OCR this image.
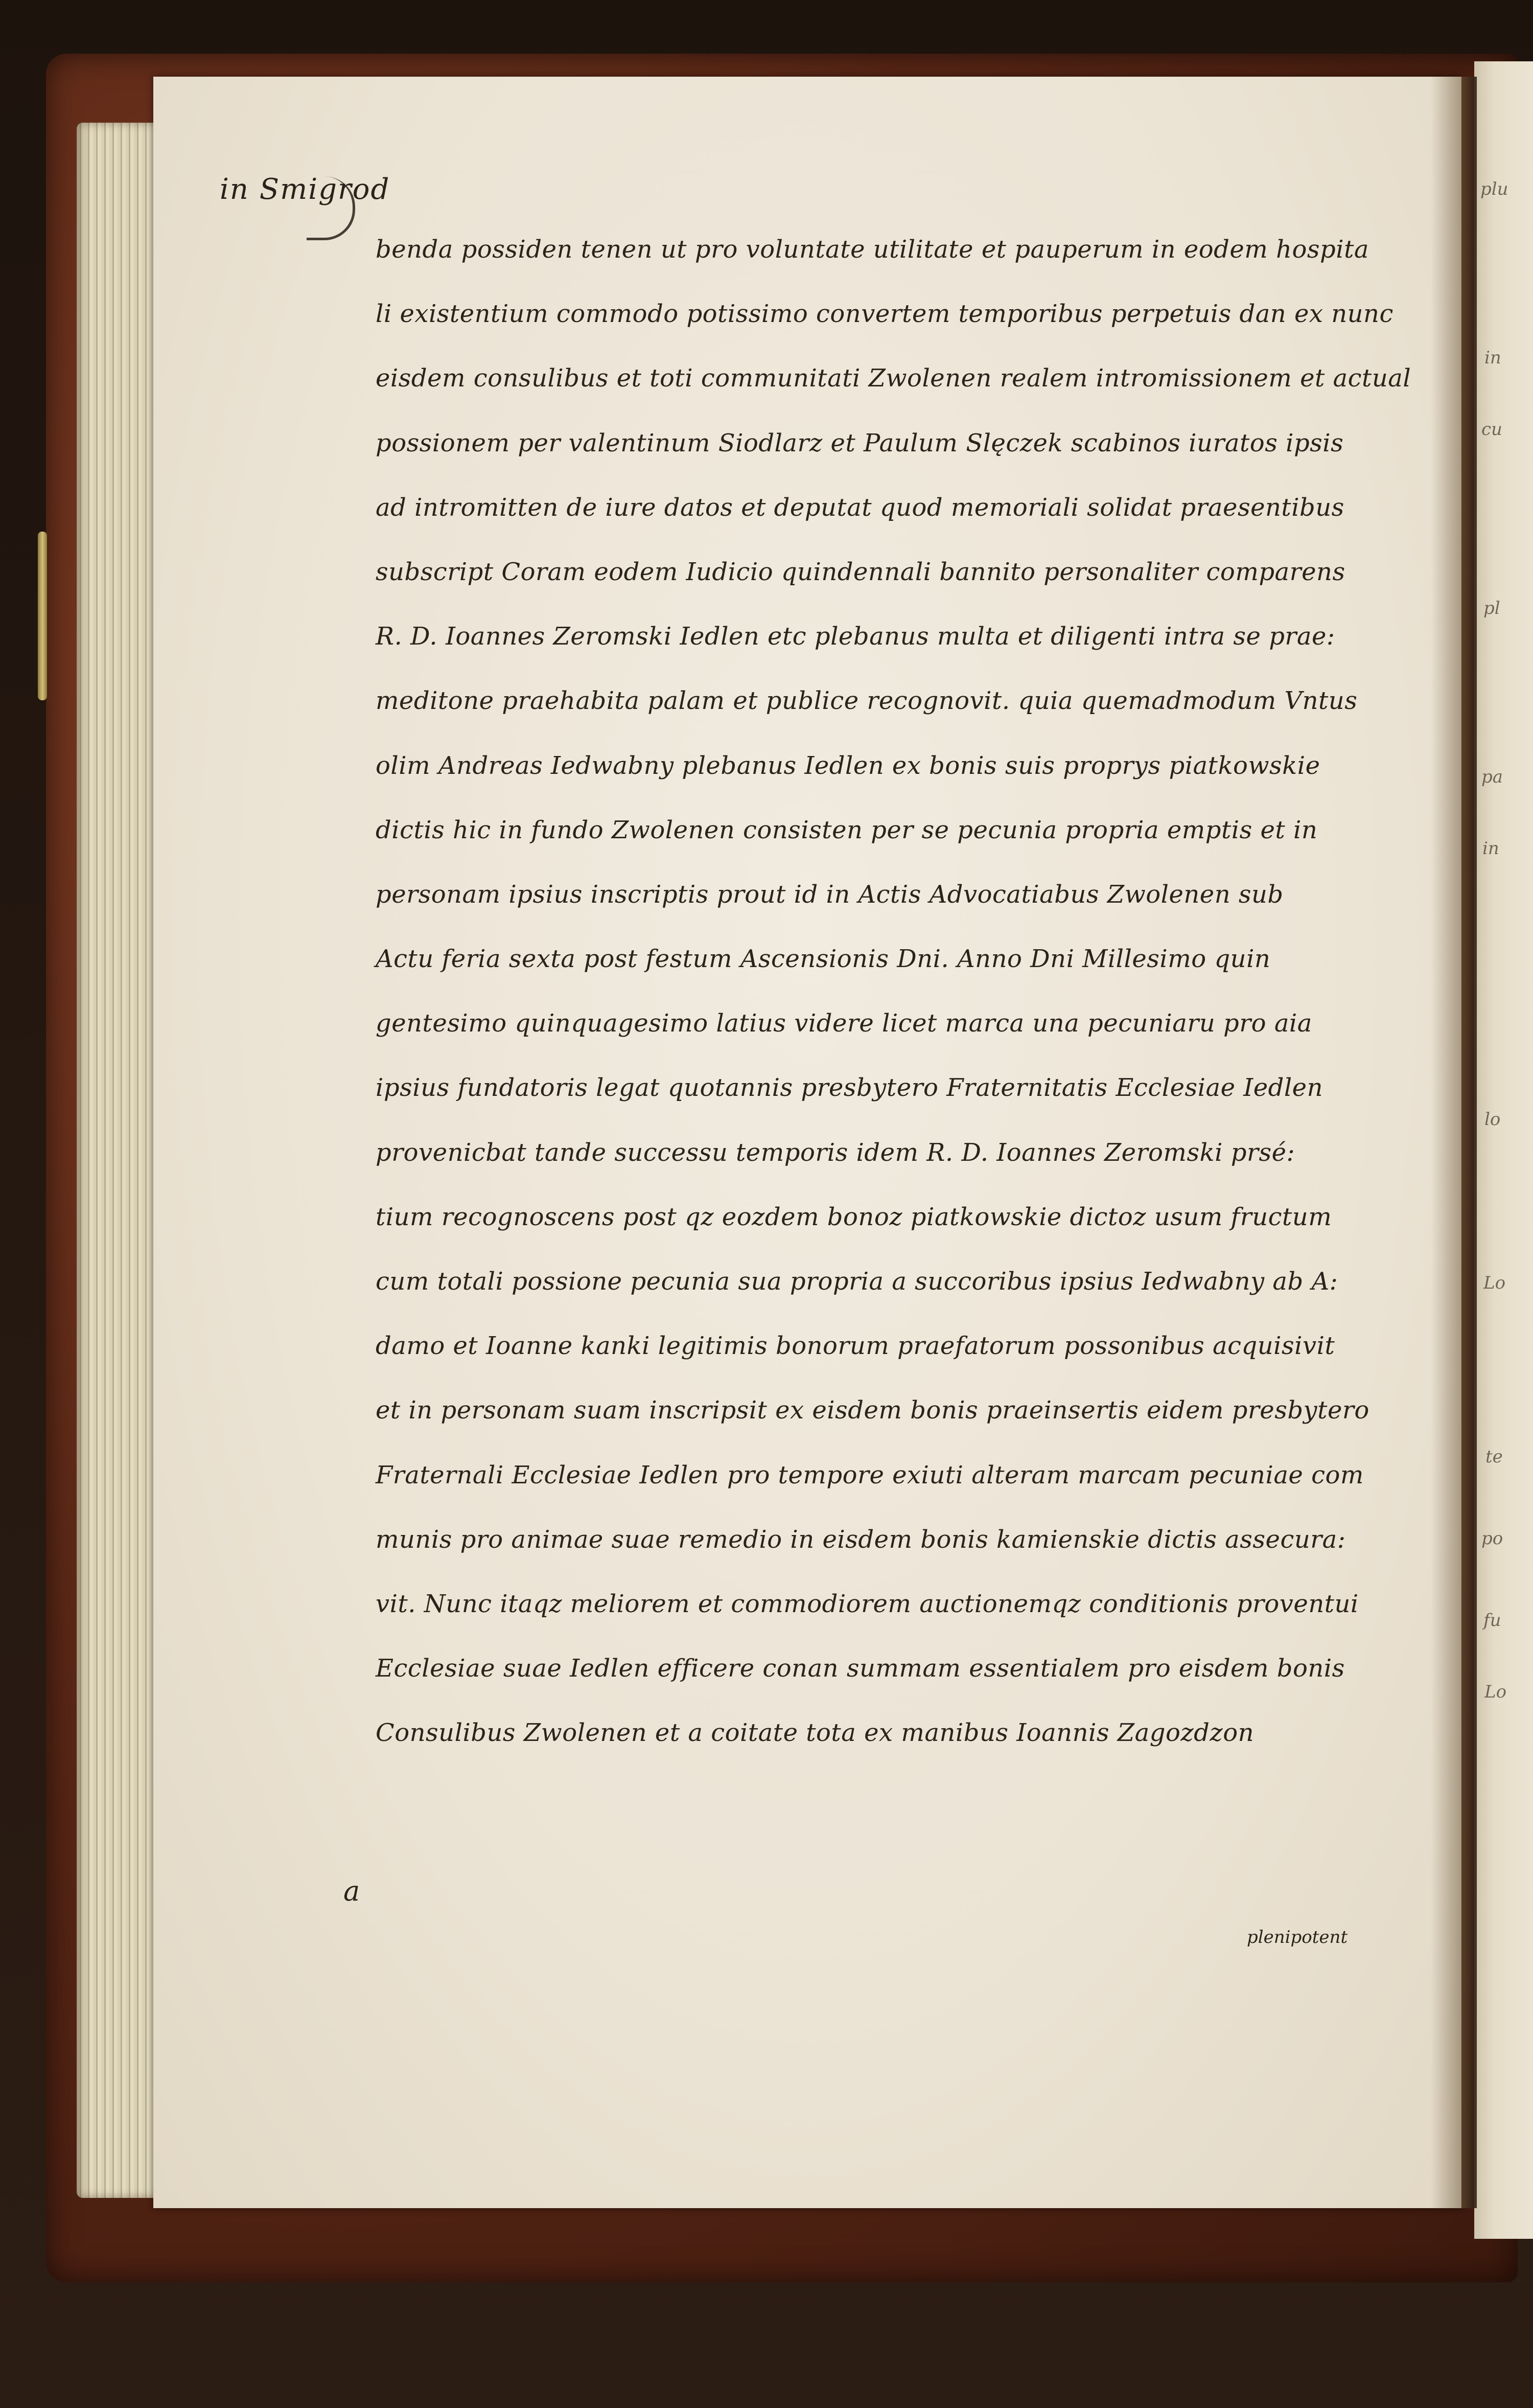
plu
in
cu
pl
pa
in
lo
Lo
te
po
fu
Lo
in Smigrod
benda possiden tenen ut pro voluntate utilitate et pauperum in eodem hospita
li existentium commodo potissimo convertem temporibus perpetuis dan ex nunc
eisdem consulibus et toti communitati Zwolenen realem intromissionem et actual
possionem per valentinum Siodlarz et Paulum Slęczek scabinos iuratos ipsis
ad intromitten de iure datos et deputat quod memoriali solidat praesentibus
subscript Coram eodem Iudicio quindennali bannito personaliter comparens
R. D. Ioannes Zeromski Iedlen etc plebanus multa et diligenti intra se prae:
meditone praehabita palam et publice recognovit. quia quemadmodum Vntus
olim Andreas Iedwabny plebanus Iedlen ex bonis suis proprys piatkowskie
dictis hic in fundo Zwolenen consisten per se pecunia propria emptis et in
personam ipsius inscriptis prout id in Actis Advocatiabus Zwolenen sub
Actu feria sexta post festum Ascensionis Dni. Anno Dni Millesimo quin
gentesimo quinquagesimo latius videre licet marca una pecuniaru pro aia
ipsius fundatoris legat quotannis presbytero Fraternitatis Ecclesiae Iedlen
provenicbat tande successu temporis idem R. D. Ioannes Zeromski prsé:
tium recognoscens post qz eozdem bonoz piatkowskie dictoz usum fructum
cum totali possione pecunia sua propria a succoribus ipsius Iedwabny ab A:
damo et Ioanne kanki legitimis bonorum praefatorum possonibus acquisivit
et in personam suam inscripsit ex eisdem bonis praeinsertis eidem presbytero
Fraternali Ecclesiae Iedlen pro tempore exiuti alteram marcam pecuniae com
munis pro animae suae remedio in eisdem bonis kamienskie dictis assecura:
vit. Nunc itaqz meliorem et commodiorem auctionemqz conditionis proventui
Ecclesiae suae Iedlen efficere conan summam essentialem pro eisdem bonis
Consulibus Zwolenen et a coitate tota ex manibus Ioannis Zagozdzon
a
plenipotent
